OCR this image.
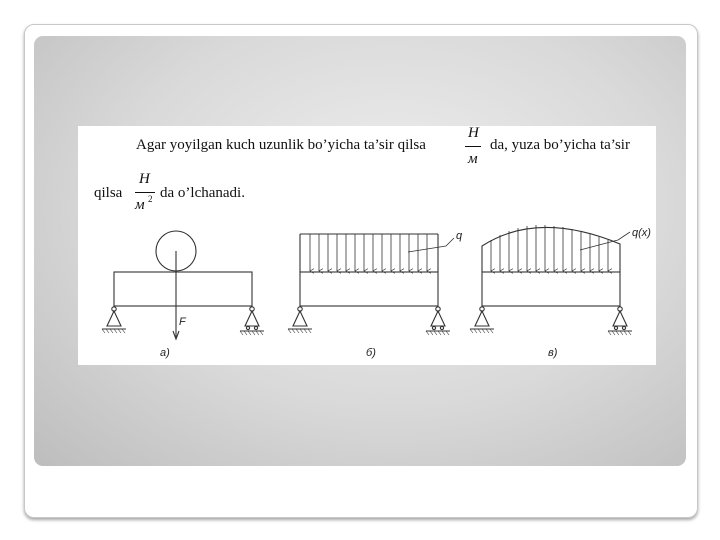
Agar yoyilgan kuch uzunlik bo’yicha ta’sir qilsa
H
м
da, yuza bo’yicha ta’sir
qilsa
H
м 2 da o’lchanadi.
F
а)
q
б)
q(x)
в)
